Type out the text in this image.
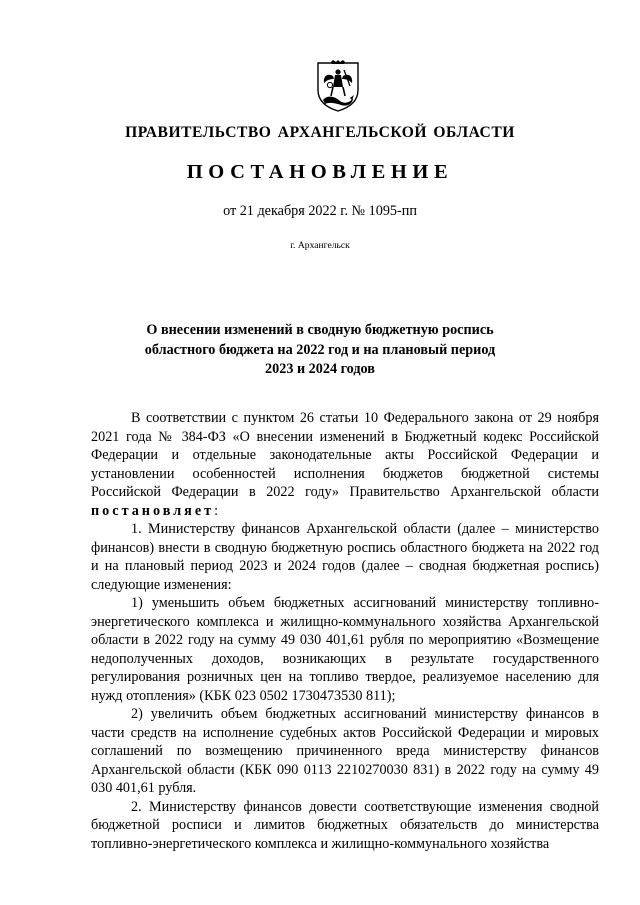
ПРАВИТЕЛЬСТВО АРХАНГЕЛЬСКОЙ ОБЛАСТИ
ПОСТАНОВЛЕНИЕ
от 21 декабря 2022 г. № 1095-пп
г. Архангельск
О внесении изменений в сводную бюджетную роспись
областного бюджета на 2022 год и на плановый период
2023 и 2024 годов

В соответствии с пунктом 26 статьи 10 Федерального закона от 29 ноября 2021 года № 384-ФЗ «О внесении изменений в Бюджетный кодекс Российской Федерации и отдельные законодательные акты Российской Федерации и установлении особенностей исполнения бюджетов бюджетной системы Российской Федерации в 2022 году» Правительство Архангельской области постановляет:

1. Министерству финансов Архангельской области (далее – министерство финансов) внести в сводную бюджетную роспись областного бюджета на 2022 год и на плановый период 2023 и 2024 годов (далее – сводная бюджетная роспись) следующие изменения:

1) уменьшить объем бюджетных ассигнований министерству топливно-энергетического комплекса и жилищно-коммунального хозяйства Архангельской области в 2022 году на сумму 49 030 401,61 рубля по мероприятию «Возмещение недополученных доходов, возникающих в результате государственного регулирования розничных цен на топливо твердое, реализуемое населению для нужд отопления» (КБК 023 0502 1730473530 811);

2) увеличить объем бюджетных ассигнований министерству финансов в части средств на исполнение судебных актов Российской Федерации и мировых соглашений по возмещению причиненного вреда министерству финансов Архангельской области (КБК 090 0113 2210270030 831) в 2022 году на сумму 49 030 401,61 рубля.

2. Министерству финансов довести соответствующие изменения сводной бюджетной росписи и лимитов бюджетных обязательств до министерства топливно-энергетического комплекса и жилищно-коммунального хозяйства
